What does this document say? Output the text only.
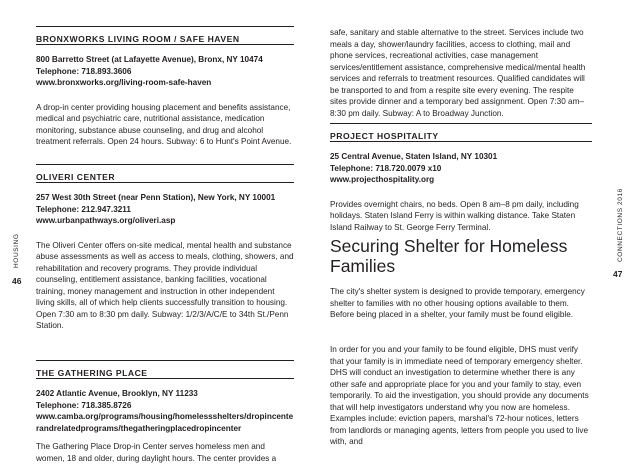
BRONXWORKS LIVING ROOM / SAFE HAVEN
800 Barretto Street (at Lafayette Avenue), Bronx, NY 10474
Telephone: 718.893.3606
www.bronxworks.org/living-room-safe-haven
A drop-in center providing housing placement and benefits assistance, medical and psychiatric care, nutritional assistance, medication monitoring, substance abuse counseling, and drug and alcohol treatment referrals. Open 24 hours. Subway: 6 to Hunt's Point Avenue.
OLIVERI CENTER
257 West 30th Street (near Penn Station), New York, NY 10001
Telephone: 212.947.3211
www.urbanpathways.org/oliveri.asp
The Oliveri Center offers on-site medical, mental health and substance abuse assessments as well as access to meals, clothing, showers, and rehabilitation and recovery programs. They provide individual counseling, entitlement assistance, banking facilities, vocational training, money management and instruction in other independent living skills, all of which help clients successfully transition to housing. Open 7:30 am to 8:30 pm daily. Subway: 1/2/3/A/C/E to 34th St./Penn Station.
THE GATHERING PLACE
2402 Atlantic Avenue, Brooklyn, NY 11233
Telephone: 718.385.8726
www.camba.org/programs/housing/homelessshelters/dropincenterandrelatedprograms/thegatheringplacedropincenter
The Gathering Place Drop-in Center serves homeless men and women, 18 and older, during daylight hours. The center provides a
HOUSING
46
safe, sanitary and stable alternative to the street. Services include two meals a day, shower/laundry facilities, access to clothing, mail and phone services, recreational activities, case management services/entitlement assistance, comprehensive medical/mental health services and referrals to treatment resources. Qualified candidates will be transported to and from a respite site every evening. The respite sites provide dinner and a temporary bed assignment. Open 7:30 am–8:30 pm daily. Subway: A to Broadway Junction.
PROJECT HOSPITALITY
25 Central Avenue, Staten Island, NY 10301
Telephone: 718.720.0079 x10
www.projecthospitality.org
Provides overnight chairs, no beds. Open 8 am–8 pm daily, including holidays. Staten Island Ferry is within walking distance. Take Staten Island Railway to St. George Ferry Terminal.
Securing Shelter for Homeless Families
The city's shelter system is designed to provide temporary, emergency shelter to families with no other housing options available to them. Before being placed in a shelter, your family must be found eligible.
In order for you and your family to be found eligible, DHS must verify that your family is in immediate need of temporary emergency shelter. DHS will conduct an investigation to determine whether there is any other safe and appropriate place for you and your family to stay, even temporarily. To aid the investigation, you should provide any documents that will help investigators understand why you now are homeless. Examples include: eviction papers, marshal's 72-hour notices, letters from landlords or managing agents, letters from people you used to live with, and
CONNECTIONS 2016
47
